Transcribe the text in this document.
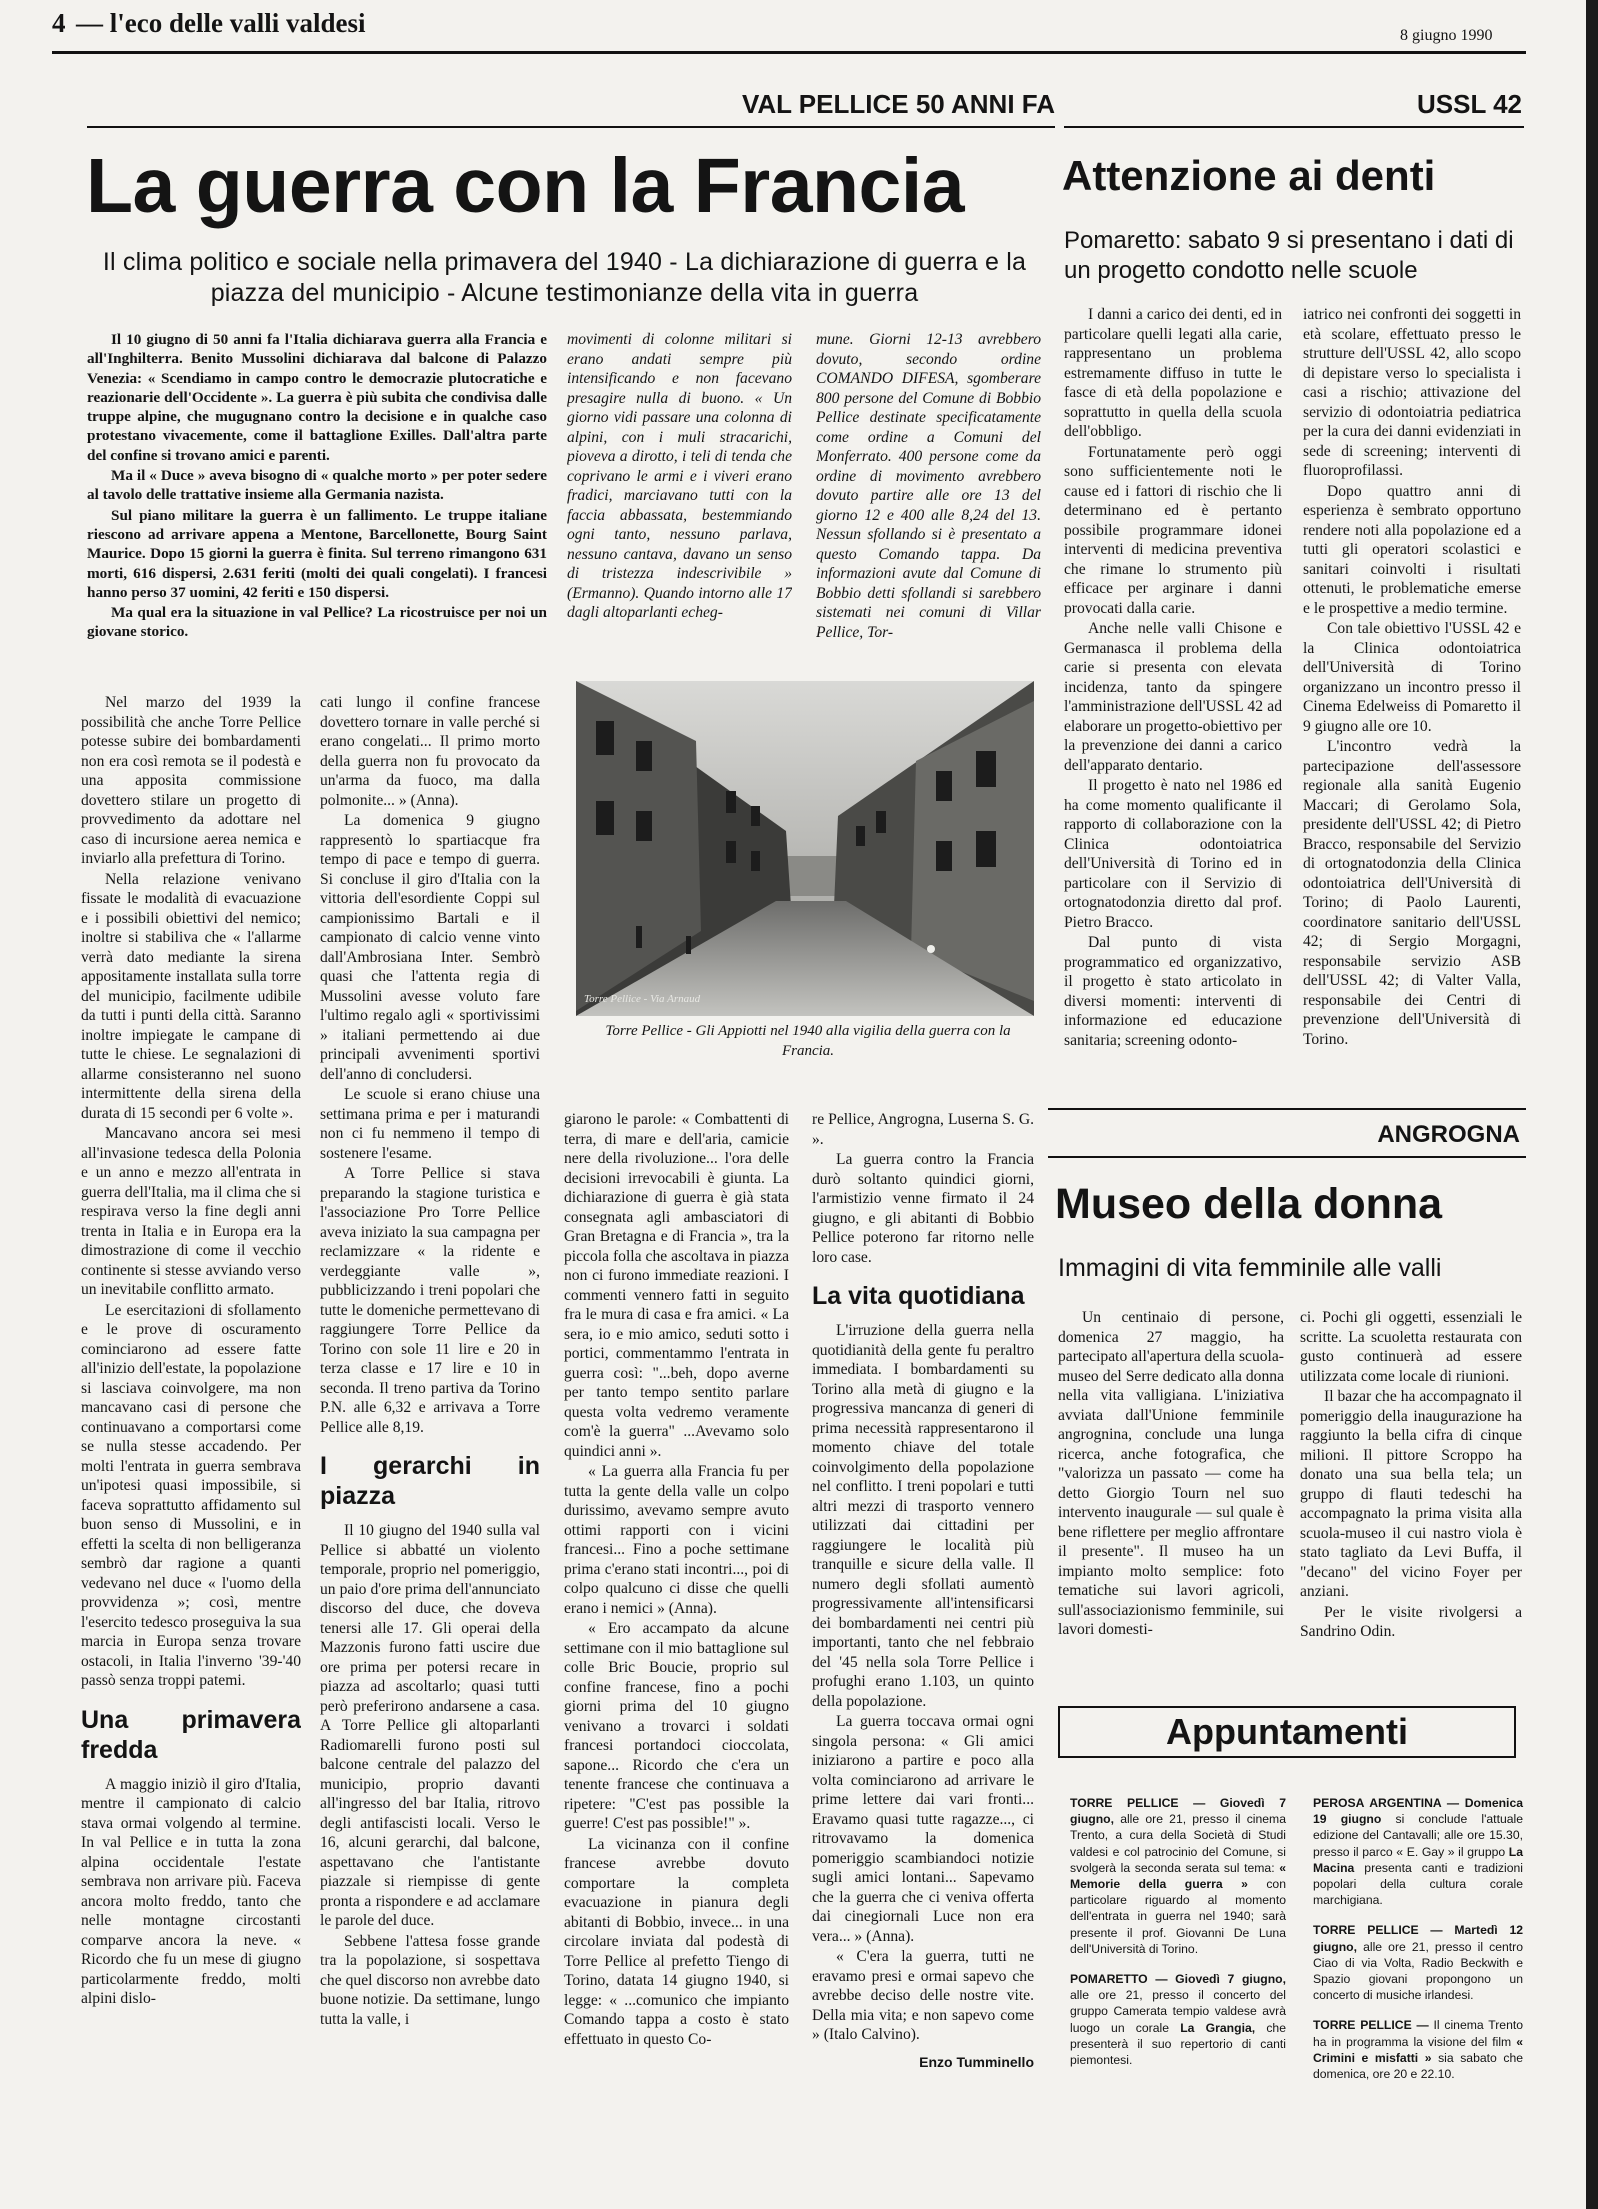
4 — l'eco delle valli valdesi	8 giugno 1990
VAL PELLICE 50 ANNI FA
La guerra con la Francia
Il clima politico e sociale nella primavera del 1940 - La dichiarazione di guerra e la piazza del municipio - Alcune testimonianze della vita in guerra

Il 10 giugno di 50 anni fa l'Italia dichiarava guerra alla Francia e all'Inghilterra. Benito Mussolini dichiarava dal balcone di Palazzo Venezia: « Scendiamo in campo contro le democrazie plutocratiche e reazionarie dell'Occidente ». La guerra è più subita che condivisa dalle truppe alpine, che mugugnano contro la decisione e in qualche caso protestano vivacemente, come il battaglione Exilles. Dall'altra parte del confine si trovano amici e parenti.

Ma il « Duce » aveva bisogno di « qualche morto » per poter sedere al tavolo delle trattative insieme alla Germania nazista.

Sul piano militare la guerra è un fallimento. Le truppe italiane riescono ad arrivare appena a Mentone, Barcellonette, Bourg Saint Maurice. Dopo 15 giorni la guerra è finita. Sul terreno rimangono 631 morti, 616 dispersi, 2.631 feriti (molti dei quali congelati). I francesi hanno perso 37 uomini, 42 feriti e 150 dispersi.

Ma qual era la situazione in val Pellice? La ricostruisce per noi un giovane storico.

movimenti di colonne militari si erano andati sempre più intensificando e non facevano presagire nulla di buono. « Un giorno vidi passare una colonna di alpini, con i muli stracarichi, pioveva a dirotto, i teli di tenda che coprivano le armi e i viveri erano fradici, marciavano tutti con la faccia abbassata, bestemmiando ogni tanto, nessuno parlava, nessuno cantava, davano un senso di tristezza indescrivibile » (Ermanno). Quando intorno alle 17 dagli altoparlanti echeg-

mune. Giorni 12-13 avrebbero dovuto, secondo ordine COMANDO DIFESA, sgomberare 800 persone del Comune di Bobbio Pellice destinate specificatamente come ordine a Comuni del Monferrato. 400 persone come da ordine di movimento avrebbero dovuto partire alle ore 13 del giorno 12 e 400 alle 8,24 del 13. Nessun sfollando si è presentato a questo Comando tappa. Da informazioni avute dal Comune di Bobbio detti sfollandi si sarebbero sistemati nei comuni di Villar Pellice, Tor-

Torre Pellice - Via Arnaud
Torre Pellice - Gli Appiotti nel 1940 alla vigilia della guerra con la Francia.

Nel marzo del 1939 la possibilità che anche Torre Pellice potesse subire dei bombardamenti non era così remota se il podestà e una apposita commissione dovettero stilare un progetto di provvedimento da adottare nel caso di incursione aerea nemica e inviarlo alla prefettura di Torino.

Nella relazione venivano fissate le modalità di evacuazione e i possibili obiettivi del nemico; inoltre si stabiliva che « l'allarme verrà dato mediante la sirena appositamente installata sulla torre del municipio, facilmente udibile da tutti i punti della città. Saranno inoltre impiegate le campane di tutte le chiese. Le segnalazioni di allarme consisteranno nel suono intermittente della sirena della durata di 15 secondi per 6 volte ».

Mancavano ancora sei mesi all'invasione tedesca della Polonia e un anno e mezzo all'entrata in guerra dell'Italia, ma il clima che si respirava verso la fine degli anni trenta in Italia e in Europa era la dimostrazione di come il vecchio continente si stesse avviando verso un inevitabile conflitto armato.

Le esercitazioni di sfollamento e le prove di oscuramento cominciarono ad essere fatte all'inizio dell'estate, la popolazione si lasciava coinvolgere, ma non mancavano casi di persone che continuavano a comportarsi come se nulla stesse accadendo. Per molti l'entrata in guerra sembrava un'ipotesi quasi impossibile, si faceva soprattutto affidamento sul buon senso di Mussolini, e in effetti la scelta di non belligeranza sembrò dar ragione a quanti vedevano nel duce « l'uomo della provvidenza »; così, mentre l'esercito tedesco proseguiva la sua marcia in Europa senza trovare ostacoli, in Italia l'inverno '39-'40 passò senza troppi patemi.

Una primavera fredda

A maggio iniziò il giro d'Italia, mentre il campionato di calcio stava ormai volgendo al termine. In val Pellice e in tutta la zona alpina occidentale l'estate sembrava non arrivare più. Faceva ancora molto freddo, tanto che nelle montagne circostanti comparve ancora la neve. « Ricordo che fu un mese di giugno particolarmente freddo, molti alpini dislo-

cati lungo il confine francese dovettero tornare in valle perché si erano congelati... Il primo morto della guerra non fu provocato da un'arma da fuoco, ma dalla polmonite... » (Anna).

La domenica 9 giugno rappresentò lo spartiacque fra tempo di pace e tempo di guerra. Si concluse il giro d'Italia con la vittoria dell'esordiente Coppi sul campionissimo Bartali e il campionato di calcio venne vinto dall'Ambrosiana Inter. Sembrò quasi che l'attenta regia di Mussolini avesse voluto fare l'ultimo regalo agli « sportivissimi » italiani permettendo ai due principali avvenimenti sportivi dell'anno di concludersi.

Le scuole si erano chiuse una settimana prima e per i maturandi non ci fu nemmeno il tempo di sostenere l'esame.

A Torre Pellice si stava preparando la stagione turistica e l'associazione Pro Torre Pellice aveva iniziato la sua campagna per reclamizzare « la ridente e verdeggiante valle », pubblicizzando i treni popolari che tutte le domeniche permettevano di raggiungere Torre Pellice da Torino con sole 11 lire e 20 in terza classe e 17 lire e 10 in seconda. Il treno partiva da Torino P.N. alle 6,32 e arrivava a Torre Pellice alle 8,19.

I gerarchi in piazza

Il 10 giugno del 1940 sulla val Pellice si abbatté un violento temporale, proprio nel pomeriggio, un paio d'ore prima dell'annunciato discorso del duce, che doveva tenersi alle 17. Gli operai della Mazzonis furono fatti uscire due ore prima per potersi recare in piazza ad ascoltarlo; quasi tutti però preferirono andarsene a casa. A Torre Pellice gli altoparlanti Radiomarelli furono posti sul balcone centrale del palazzo del municipio, proprio davanti all'ingresso del bar Italia, ritrovo degli antifascisti locali. Verso le 16, alcuni gerarchi, dal balcone, aspettavano che l'antistante piazzale si riempisse di gente pronta a rispondere e ad acclamare le parole del duce.

Sebbene l'attesa fosse grande tra la popolazione, si sospettava che quel discorso non avrebbe dato buone notizie. Da settimane, lungo tutta la valle, i

giarono le parole: « Combattenti di terra, di mare e dell'aria, camicie nere della rivoluzione... l'ora delle decisioni irrevocabili è giunta. La dichiarazione di guerra è già stata consegnata agli ambasciatori di Gran Bretagna e di Francia », tra la piccola folla che ascoltava in piazza non ci furono immediate reazioni. I commenti vennero fatti in seguito fra le mura di casa e fra amici. « La sera, io e mio amico, seduti sotto i portici, commentammo l'entrata in guerra così: "...beh, dopo averne per tanto tempo sentito parlare questa volta vedremo veramente com'è la guerra" ...Avevamo solo quindici anni ».

« La guerra alla Francia fu per tutta la gente della valle un colpo durissimo, avevamo sempre avuto ottimi rapporti con i vicini francesi... Fino a poche settimane prima c'erano stati incontri..., poi di colpo qualcuno ci disse che quelli erano i nemici » (Anna).

« Ero accampato da alcune settimane con il mio battaglione sul colle Bric Boucie, proprio sul confine francese, fino a pochi giorni prima del 10 giugno venivano a trovarci i soldati francesi portandoci cioccolata, sapone... Ricordo che c'era un tenente francese che continuava a ripetere: "C'est pas possible la guerre! C'est pas possible!" ».

La vicinanza con il confine francese avrebbe dovuto comportare la completa evacuazione in pianura degli abitanti di Bobbio, invece... in una circolare inviata dal podestà di Torre Pellice al prefetto Tiengo di Torino, datata 14 giugno 1940, si legge: « ...comunico che impianto Comando tappa a costo è stato effettuato in questo Co-

re Pellice, Angrogna, Luserna S. G. ».

La guerra contro la Francia durò soltanto quindici giorni, l'armistizio venne firmato il 24 giugno, e gli abitanti di Bobbio Pellice poterono far ritorno nelle loro case.

La vita quotidiana

L'irruzione della guerra nella quotidianità della gente fu peraltro immediata. I bombardamenti su Torino alla metà di giugno e la progressiva mancanza di generi di prima necessità rappresentarono il momento chiave del totale coinvolgimento della popolazione nel conflitto. I treni popolari e tutti altri mezzi di trasporto vennero utilizzati dai cittadini per raggiungere le località più tranquille e sicure della valle. Il numero degli sfollati aumentò progressivamente all'intensificarsi dei bombardamenti nei centri più importanti, tanto che nel febbraio del '45 nella sola Torre Pellice i profughi erano 1.103, un quinto della popolazione.

La guerra toccava ormai ogni singola persona: « Gli amici iniziarono a partire e poco alla volta cominciarono ad arrivare le prime lettere dai vari fronti... Eravamo quasi tutte ragazze..., ci ritrovavamo la domenica pomeriggio scambiandoci notizie sugli amici lontani... Sapevamo che la guerra che ci veniva offerta dai cinegiornali Luce non era vera... » (Anna).

« C'era la guerra, tutti ne eravamo presi e ormai sapevo che avrebbe deciso delle nostre vite. Della mia vita; e non sapevo come » (Italo Calvino).

Enzo Tumminello
USSL 42
Attenzione ai denti
Pomaretto: sabato 9 si presentano i dati di un progetto condotto nelle scuole

I danni a carico dei denti, ed in particolare quelli legati alla carie, rappresentano un problema estremamente diffuso in tutte le fasce di età della popolazione e soprattutto in quella della scuola dell'obbligo.

Fortunatamente però oggi sono sufficientemente noti le cause ed i fattori di rischio che li determinano ed è pertanto possibile programmare idonei interventi di medicina preventiva che rimane lo strumento più efficace per arginare i danni provocati dalla carie.

Anche nelle valli Chisone e Germanasca il problema della carie si presenta con elevata incidenza, tanto da spingere l'amministrazione dell'USSL 42 ad elaborare un progetto-obiettivo per la prevenzione dei danni a carico dell'apparato dentario.

Il progetto è nato nel 1986 ed ha come momento qualificante il rapporto di collaborazione con la Clinica odontoiatrica dell'Università di Torino ed in particolare con il Servizio di ortognatodonzia diretto dal prof. Pietro Bracco.

Dal punto di vista programmatico ed organizzativo, il progetto è stato articolato in diversi momenti: interventi di informazione ed educazione sanitaria; screening odonto-

iatrico nei confronti dei soggetti in età scolare, effettuato presso le strutture dell'USSL 42, allo scopo di depistare verso lo specialista i casi a rischio; attivazione del servizio di odontoiatria pediatrica per la cura dei danni evidenziati in sede di screening; interventi di fluoroprofilassi.

Dopo quattro anni di esperienza è sembrato opportuno rendere noti alla popolazione ed a tutti gli operatori scolastici e sanitari coinvolti i risultati ottenuti, le problematiche emerse e le prospettive a medio termine.

Con tale obiettivo l'USSL 42 e la Clinica odontoiatrica dell'Università di Torino organizzano un incontro presso il Cinema Edelweiss di Pomaretto il 9 giugno alle ore 10.

L'incontro vedrà la partecipazione dell'assessore regionale alla sanità Eugenio Maccari; di Gerolamo Sola, presidente dell'USSL 42; di Pietro Bracco, responsabile del Servizio di ortognatodonzia della Clinica odontoiatrica dell'Università di Torino; di Paolo Laurenti, coordinatore sanitario dell'USSL 42; di Sergio Morgagni, responsabile servizio ASB dell'USSL 42; di Valter Valla, responsabile dei Centri di prevenzione dell'Università di Torino.

ANGROGNA
Museo della donna
Immagini di vita femminile alle valli

Un centinaio di persone, domenica 27 maggio, ha partecipato all'apertura della scuola-museo del Serre dedicato alla donna nella vita valligiana. L'iniziativa avviata dall'Unione femminile angrognina, conclude una lunga ricerca, anche fotografica, che "valorizza un passato — come ha detto Giorgio Tourn nel suo intervento inaugurale — sul quale è bene riflettere per meglio affrontare il presente". Il museo ha un impianto molto semplice: foto tematiche sui lavori agricoli, sull'associazionismo femminile, sui lavori domesti-

ci. Pochi gli oggetti, essenziali le scritte. La scuoletta restaurata con gusto continuerà ad essere utilizzata come locale di riunioni.

Il bazar che ha accompagnato il pomeriggio della inaugurazione ha raggiunto la bella cifra di cinque milioni. Il pittore Scroppo ha donato una sua bella tela; un gruppo di flauti tedeschi ha accompagnato la prima visita alla scuola-museo il cui nastro viola è stato tagliato da Levi Buffa, il "decano" del vicino Foyer per anziani.

Per le visite rivolgersi a Sandrino Odin.

Appuntamenti

TORRE PELLICE — Giovedì 7 giugno, alle ore 21, presso il cinema Trento, a cura della Società di Studi valdesi e col patrocinio del Comune, si svolgerà la seconda serata sul tema: « Memorie della guerra » con particolare riguardo al momento dell'entrata in guerra nel 1940; sarà presente il prof. Giovanni De Luna dell'Università di Torino.

POMARETTO — Giovedì 7 giugno, alle ore 21, presso il concerto del gruppo Camerata tempio valdese avrà luogo un corale La Grangia, che presenterà il suo repertorio di canti piemontesi.

PEROSA ARGENTINA — Domenica 19 giugno si conclude l'attuale edizione del Cantavalli; alle ore 15.30, presso il parco « E. Gay » il gruppo La Macina presenta canti e tradizioni popolari della cultura corale marchigiana.

TORRE PELLICE — Martedì 12 giugno, alle ore 21, presso il centro Ciao di via Volta, Radio Beckwith e Spazio giovani propongono un concerto di musiche irlandesi.

TORRE PELLICE — Il cinema Trento ha in programma la visione del film « Crimini e misfatti » sia sabato che domenica, ore 20 e 22.10.
